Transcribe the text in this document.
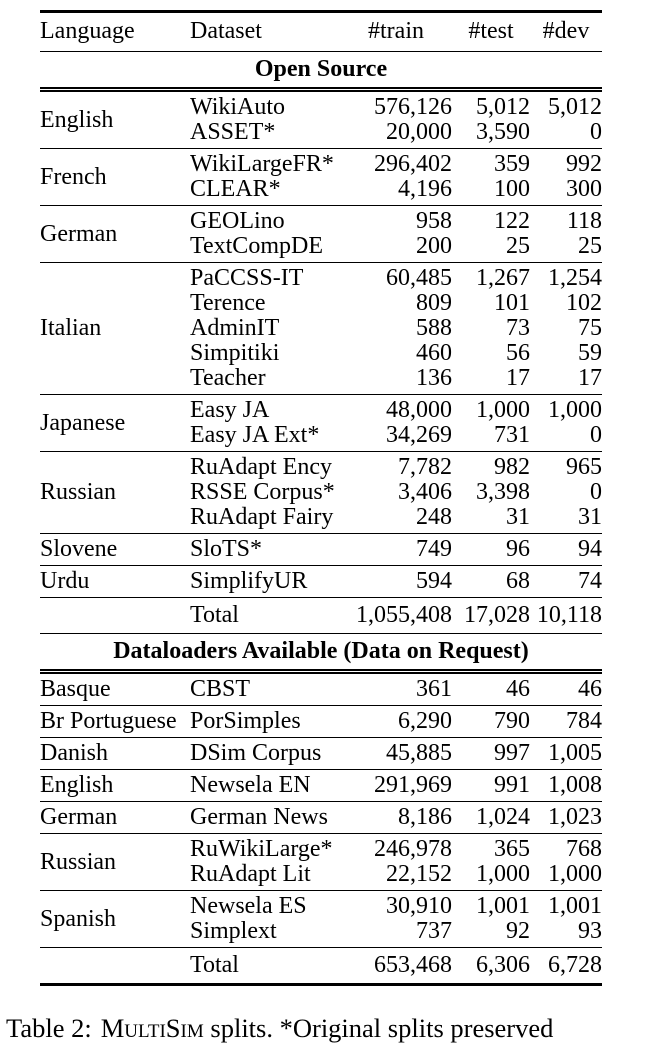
Language	Dataset	#train	#test	#dev
Open Source				
English	WikiAuto	576,126	5,012	5,012
	ASSET*	20,000	3,590	0
French	WikiLargeFR*	296,402	359	992
	CLEAR*	4,196	100	300
German	GEOLino	958	122	118
	TextCompDE	200	25	25
Italian	PaCCSS-IT	60,485	1,267	1,254
	Terence	809	101	102
	AdminIT	588	73	75
	Simpitiki	460	56	59
	Teacher	136	17	17
Japanese	Easy JA	48,000	1,000	1,000
	Easy JA Ext*	34,269	731	0
Russian	RuAdapt Ency	7,782	982	965
	RSSE Corpus*	3,406	3,398	0
	RuAdapt Fairy	248	31	31
Slovene	SloTS*	749	96	94
Urdu	SimplifyUR	594	68	74
	Total	1,055,408	17,028	10,118
Dataloaders Available (Data on Request)				
Basque	CBST	361	46	46
Br Portuguese	PorSimples	6,290	790	784
Danish	DSim Corpus	45,885	997	1,005
English	Newsela EN	291,969	991	1,008
German	German News	8,186	1,024	1,023
Russian	RuWikiLarge*	246,978	365	768
	RuAdapt Lit	22,152	1,000	1,000
Spanish	Newsela ES	30,910	1,001	1,001
	Simplext	737	92	93
	Total	653,468	6,306	6,728

Table 2: MultiSim splits. *Original splits preserved
